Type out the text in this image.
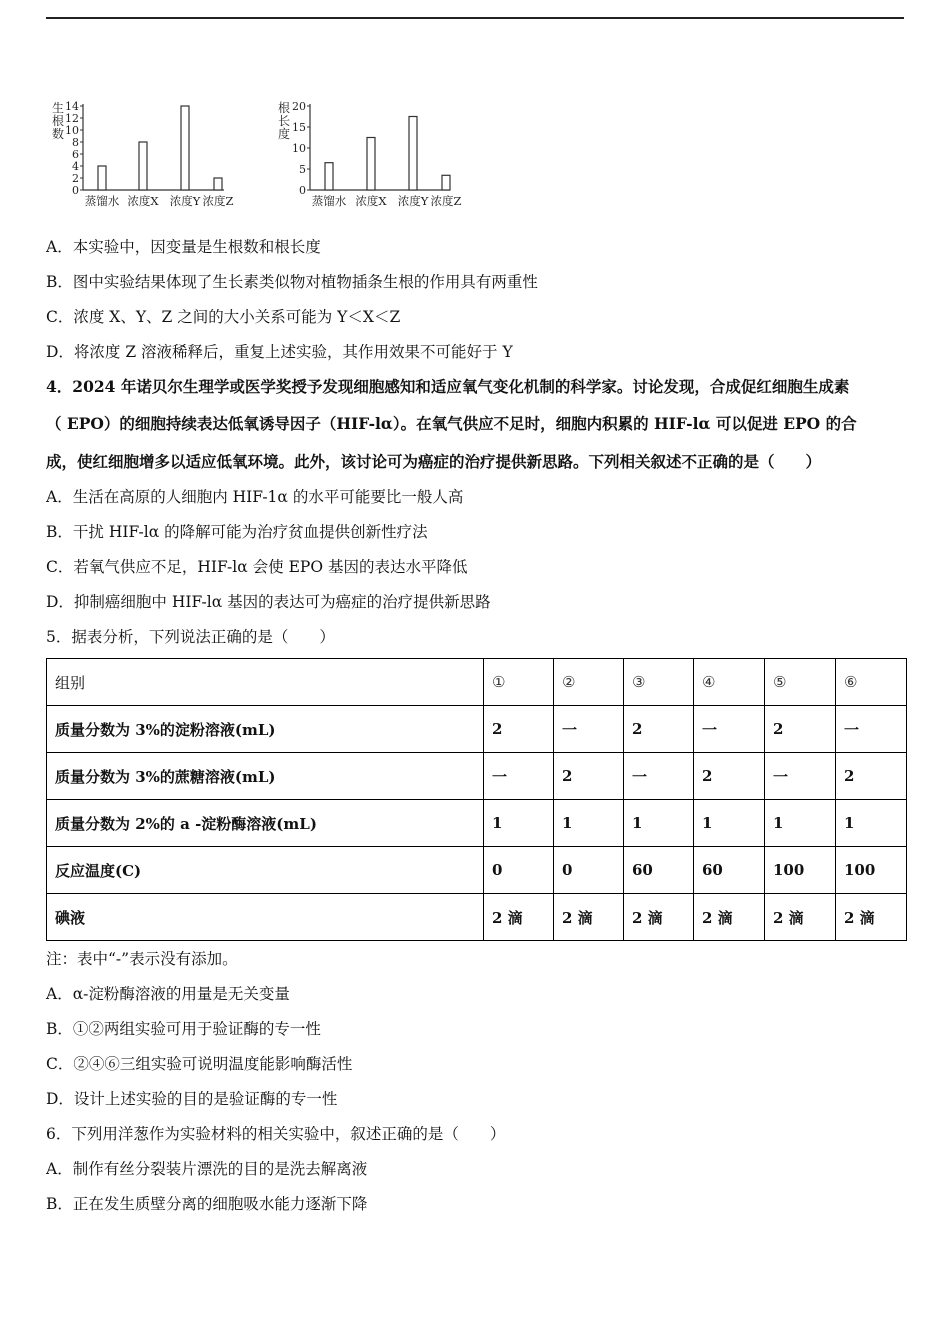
生
根
数
0
2
4
6
8
10
12
14
蒸馏水 浓度X 浓度Y 浓度Z
根
长
度
0
5
10
15
20
蒸馏水 浓度X 浓度Y 浓度Z
A．本实验中，因变量是生根数和根长度
B．图中实验结果体现了生长素类似物对植物插条生根的作用具有两重性
C．浓度 X、Y、Z 之间的大小关系可能为 Y＜X＜Z
D．将浓度 Z 溶液稀释后，重复上述实验，其作用效果不可能好于 Y
4．2024 年诺贝尔生理学或医学奖授予发现细胞感知和适应氧气变化机制的科学家。讨论发现，合成促红细胞生成素
（ EPO）的细胞持续表达低氧诱导因子（HIF-lα）。在氧气供应不足时，细胞内积累的 HIF-lα 可以促进 EPO 的合
成，使红细胞增多以适应低氧环境。此外，该讨论可为癌症的治疗提供新思路。下列相关叙述不正确的是（　　）
A．生活在高原的人细胞内 HIF-1α 的水平可能要比一般人高
B．干扰 HIF-lα 的降解可能为治疗贫血提供创新性疗法
C．若氧气供应不足，HIF-lα 会使 EPO 基因的表达水平降低
D．抑制癌细胞中 HIF-lα 基因的表达可为癌症的治疗提供新思路
5．据表分析，下列说法正确的是（　　）
组别	①	②	③	④	⑤	⑥
质量分数为 3%的淀粉溶液(mL)	2	一	2	一	2	一
质量分数为 3%的蔗糖溶液(mL)	一	2	一	2	一	2
质量分数为 2%的 a -淀粉酶溶液(mL)	1	1	1	1	1	1
反应温度(C)	0	0	60	60	100	100
碘液	2 滴	2 滴	2 滴	2 滴	2 滴	2 滴
注：表中“-”表示没有添加。
A．α-淀粉酶溶液的用量是无关变量
B．①②两组实验可用于验证酶的专一性
C．②④⑥三组实验可说明温度能影响酶活性
D．设计上述实验的目的是验证酶的专一性
6．下列用洋葱作为实验材料的相关实验中，叙述正确的是（　　）
A．制作有丝分裂装片漂洗的目的是洗去解离液
B．正在发生质壁分离的细胞吸水能力逐渐下降
